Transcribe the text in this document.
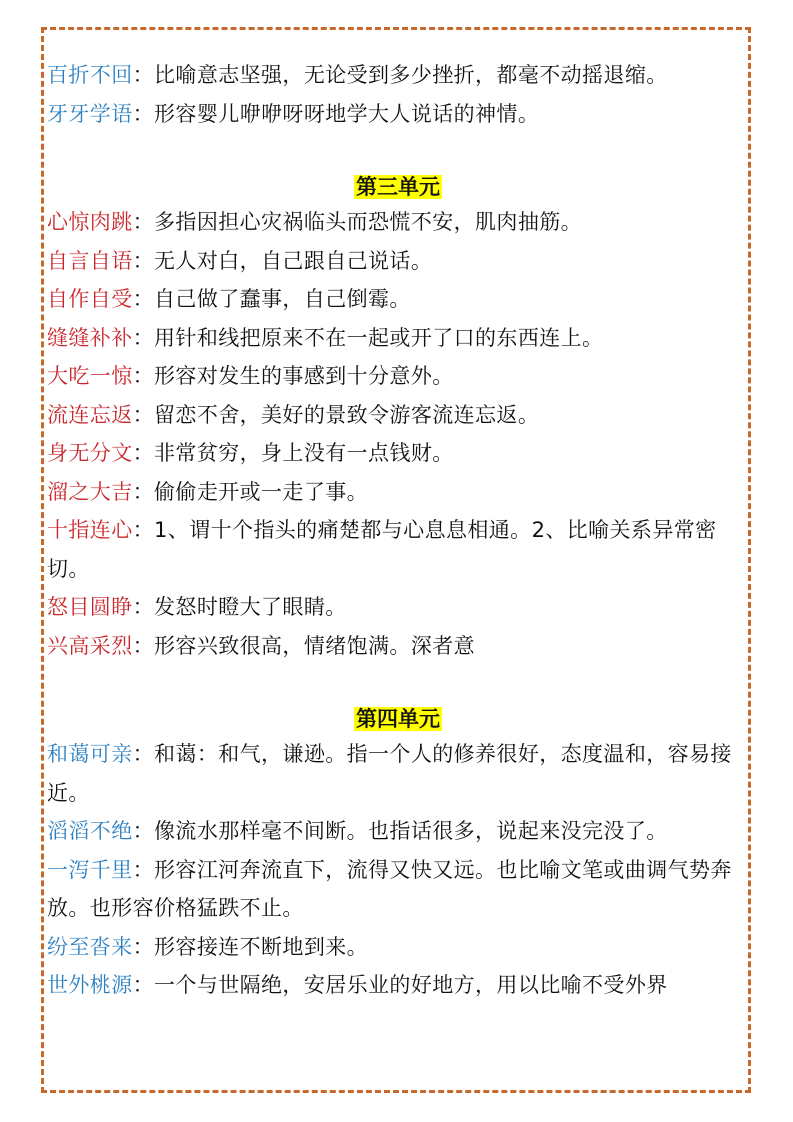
百折不回：比喻意志坚强，无论受到多少挫折，都毫不动摇退缩。

牙牙学语：形容婴儿咿咿呀呀地学大人说话的神情。

第三单元

心惊肉跳：多指因担心灾祸临头而恐慌不安，肌肉抽筋。

自言自语：无人对白，自己跟自己说话。

自作自受：自己做了蠢事，自己倒霉。

缝缝补补：用针和线把原来不在一起或开了口的东西连上。

大吃一惊：形容对发生的事感到十分意外。

流连忘返：留恋不舍，美好的景致令游客流连忘返。

身无分文：非常贫穷，身上没有一点钱财。

溜之大吉：偷偷走开或一走了事。

十指连心：1、谓十个指头的痛楚都与心息息相通。2、比喻关系异常密切。

怒目圆睁：发怒时瞪大了眼睛。

兴高采烈：形容兴致很高，情绪饱满。深者意

第四单元

和蔼可亲：和蔼：和气，谦逊。指一个人的修养很好，态度温和，容易接近。

滔滔不绝：像流水那样毫不间断。也指话很多，说起来没完没了。

一泻千里：形容江河奔流直下，流得又快又远。也比喻文笔或曲调气势奔放。也形容价格猛跌不止。

纷至沓来：形容接连不断地到来。

世外桃源：一个与世隔绝，安居乐业的好地方，用以比喻不受外界
